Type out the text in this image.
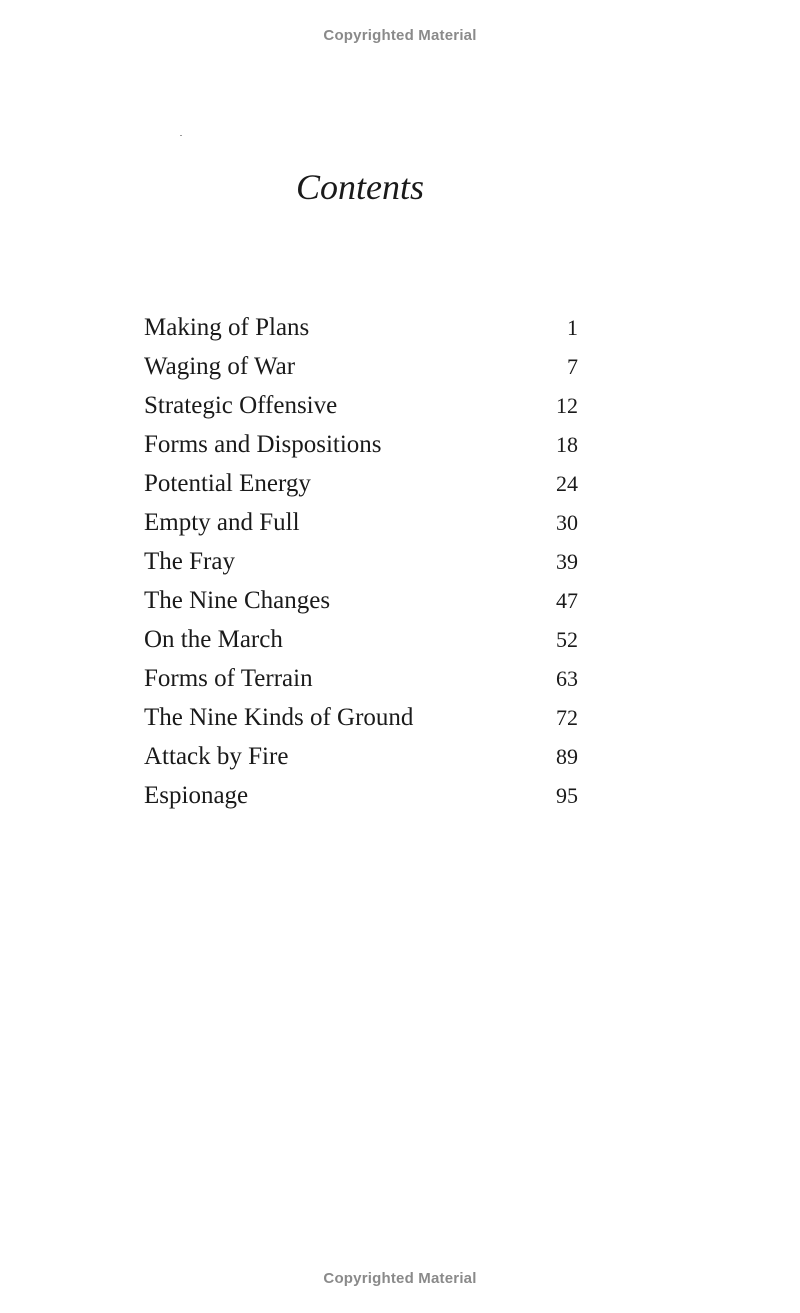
Copyrighted Material
Contents
Making of Plans	1
Waging of War	7
Strategic Offensive	12
Forms and Dispositions	18
Potential Energy	24
Empty and Full	30
The Fray	39
The Nine Changes	47
On the March	52
Forms of Terrain	63
The Nine Kinds of Ground	72
Attack by Fire	89
Espionage	95
Copyrighted Material
